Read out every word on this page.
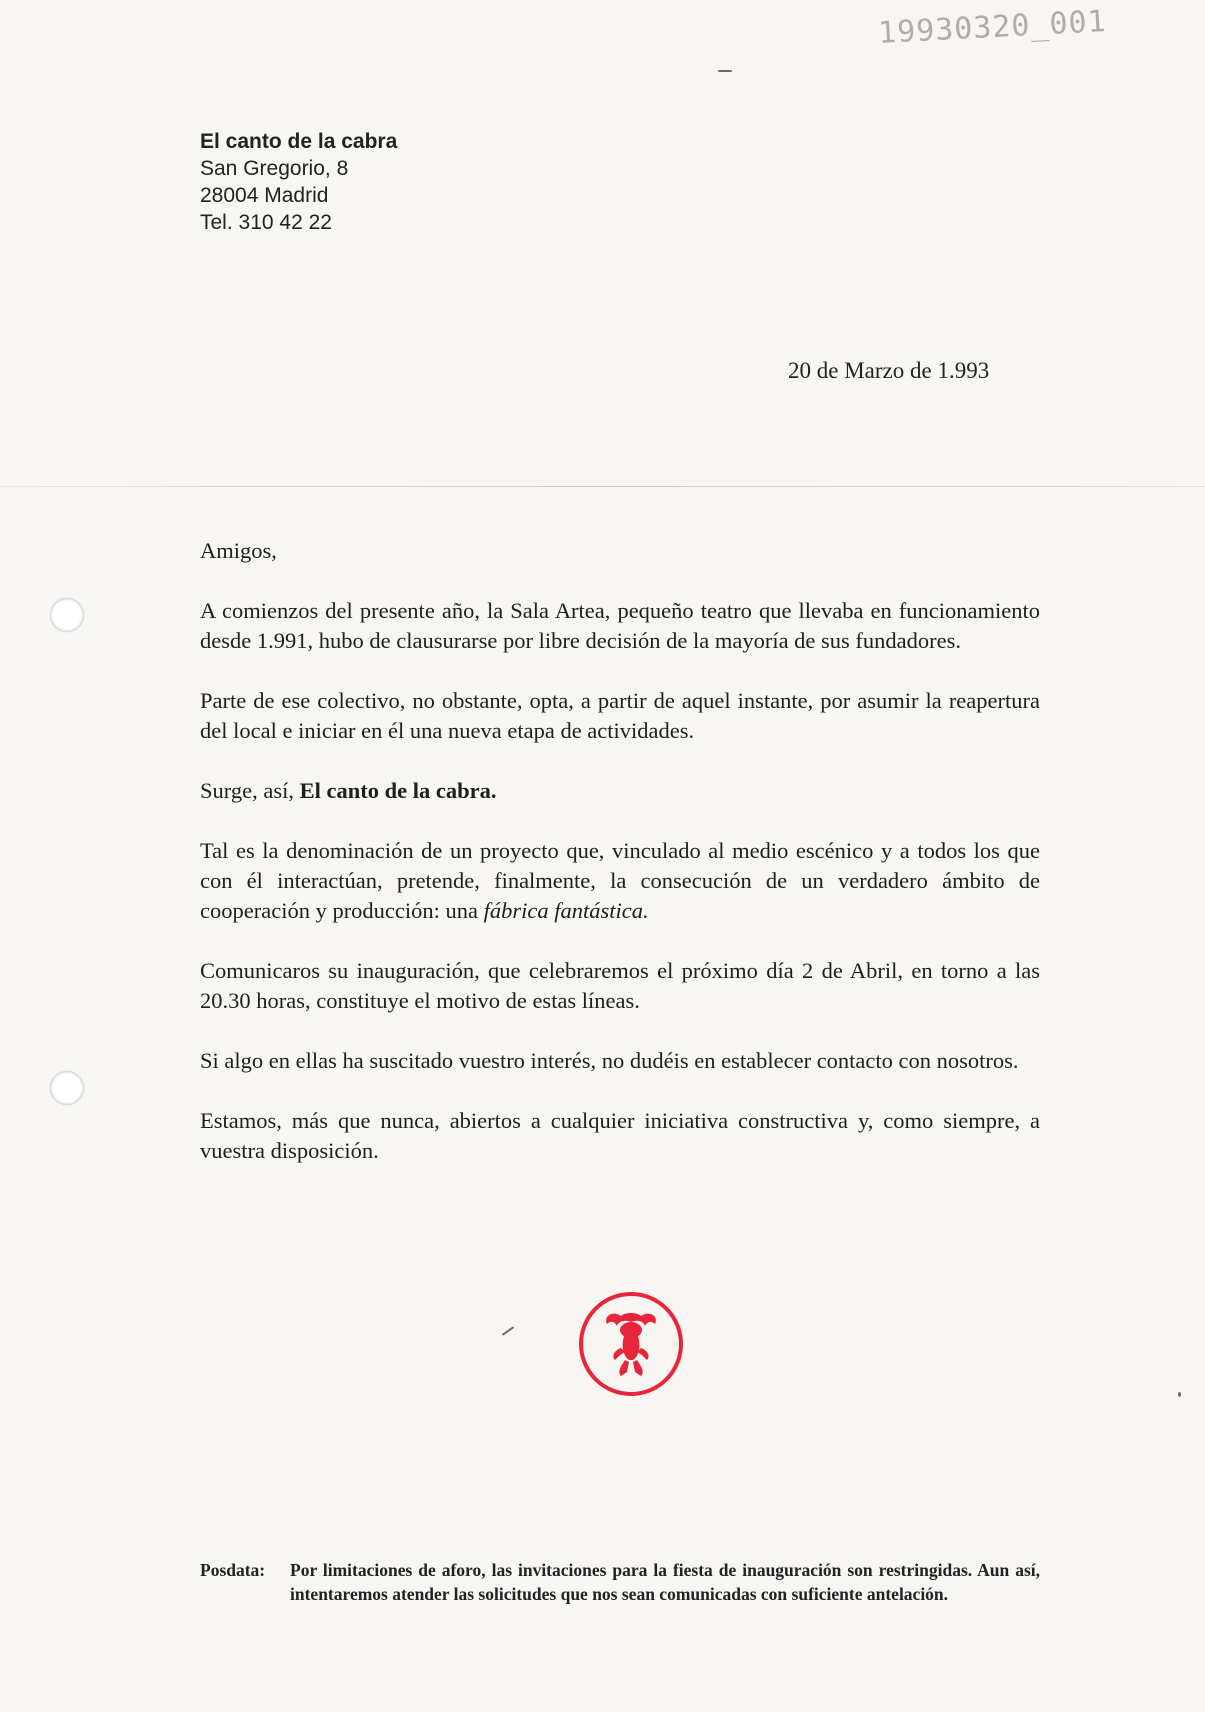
19930320_001
El canto de la cabra
San Gregorio, 8
28004 Madrid
Tel. 310 42 22
20 de Marzo de 1.993

Amigos,

A comienzos del presente año, la Sala Artea, pequeño teatro que llevaba en funcionamiento desde 1.991, hubo de clausurarse por libre decisión de la mayoría de sus fundadores.

Parte de ese colectivo, no obstante, opta, a partir de aquel instante, por asumir la reapertura del local e iniciar en él una nueva etapa de actividades.

Surge, así, El canto de la cabra.

Tal es la denominación de un proyecto que, vinculado al medio escénico y a todos los que con él interactúan, pretende, finalmente, la consecución de un verdadero ámbito de cooperación y producción: una fábrica fantástica.

Comunicaros su inauguración, que celebraremos el próximo día 2 de Abril, en torno a las 20.30 horas, constituye el motivo de estas líneas.

Si algo en ellas ha suscitado vuestro interés, no dudéis en establecer contacto con nosotros.

Estamos, más que nunca, abiertos a cualquier iniciativa constructiva y, como siempre, a vuestra disposición.

Posdata:	Por limitaciones de aforo, las invitaciones para la fiesta de inauguración son restringidas. Aun así, intentaremos atender las solicitudes que nos sean comunicadas con suficiente antelación.
